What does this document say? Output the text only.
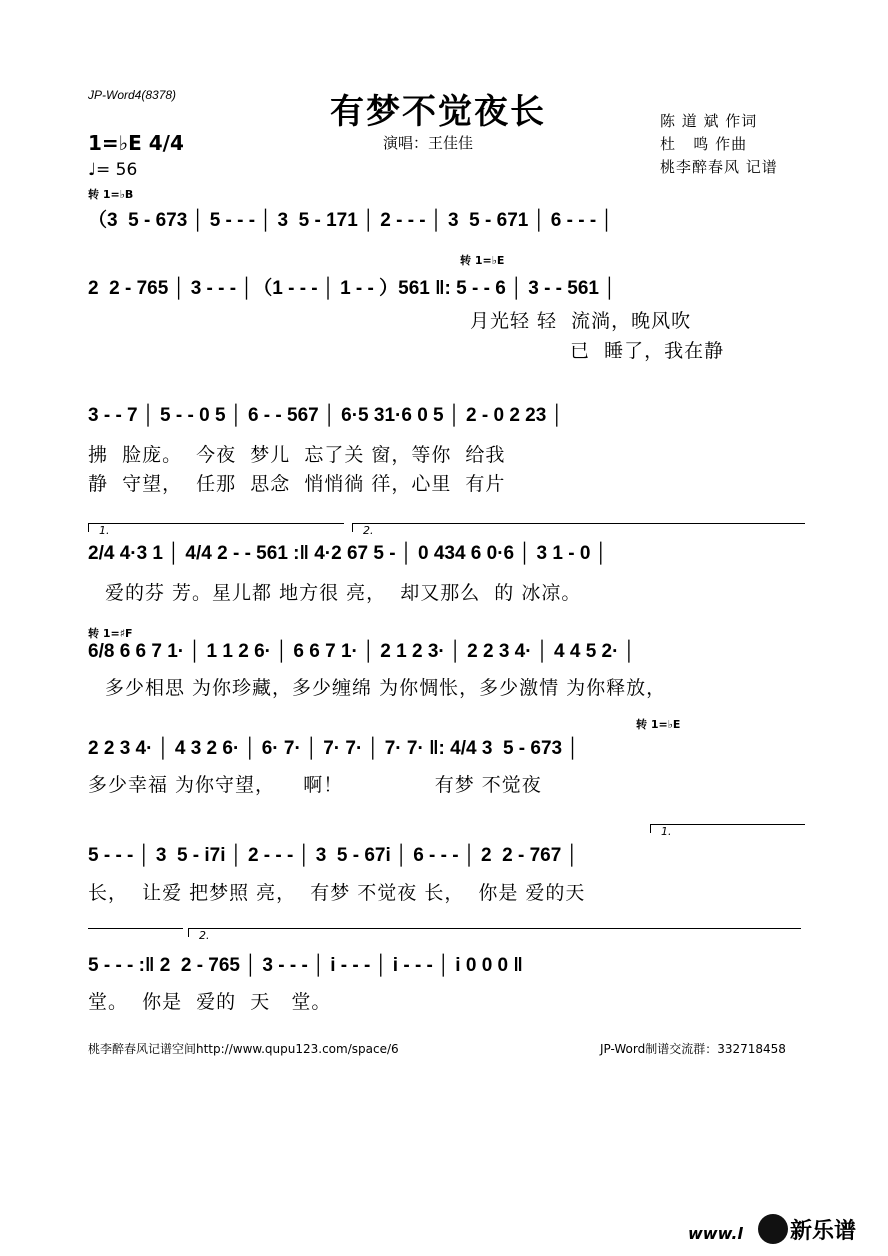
JP-Word4(8378)	有梦不觉夜长
演唱：王佳佳
陈 道 斌 作词
杜   鸣 作曲
桃李醉春风 记谱
1=♭E 4/4
♩= 56
转 1=♭B
转 1=♭E
转 1=♯F
转 1=♭E
（3  5 - 673 │ 5 - - - │ 3  5 - 171 │ 2 - - - │ 3  5 - 671 │ 6 - - - │
2  2 - 765 │ 3 - - - │（1 - - - │ 1 - - ）561 ‖: 5 - - 6 │ 3 - - 561 │
月光轻 轻  流淌，晚风吹
已  睡了，我在静
3 - - 7 │ 5 - - 0 5 │ 6 - - 567 │ 6·5 31·6 0 5 │ 2 - 0 2 23 │
拂  脸庞。  今夜  梦儿  忘了关 窗，等你  给我
静  守望，  任那  思念  悄悄徜 徉，心里  有片
1.	2.
2/4 4·3 1 │ 4/4 2 - - 561 :‖ 4·2 67 5 - │ 0 434 6 0·6 │ 3 1 - 0 │
爱的芬 芳。星儿都 地方很 亮，  却又那么  的 冰凉。
6/8 6 6 7 1· │ 1 1 2 6· │ 6 6 7 1· │ 2 1 2 3· │ 2 2 3 4· │ 4 4 5 2· │
多少相思 为你珍藏，多少缠绵 为你惆怅，多少激情 为你释放，
2 2 3 4· │ 4 3 2 6· │ 6· 7· │ 7· 7· │ 7· 7· ‖: 4/4 3  5 - 673 │
多少幸福 为你守望，    啊！             有梦 不觉夜
1.
5 - - - │ 3  5 - i7i │ 2 - - - │ 3  5 - 67i │ 6 - - - │ 2  2 - 767 │
长，  让爱 把梦照 亮，  有梦 不觉夜 长，  你是 爱的天
2.
5 - - - :‖ 2  2 - 765 │ 3 - - - │ i - - - │ i - - - │ i 0 0 0 ‖
堂。  你是  爱的  天   堂。
桃李醉春风记谱空间http://www.qupu123.com/space/6	JP-Word制谱交流群：332718458
www.l 新乐谱
